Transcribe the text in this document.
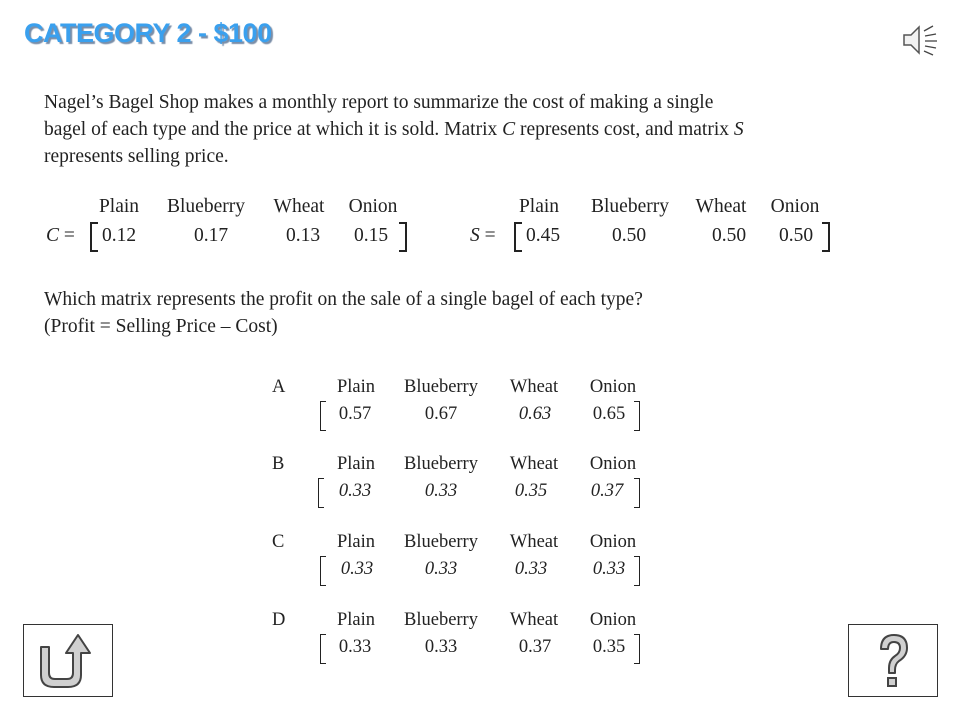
CATEGORY 2 - $100
Nagel’s Bagel Shop makes a monthly report to summarize the cost of making a single
bagel of each type and the price at which it is sold. Matrix C represents cost, and matrix S
represents selling price.
Plain	Blueberry	Wheat	Onion
C =	0.12	0.17	0.13	0.15
Plain	Blueberry	Wheat	Onion
S =	0.45	0.50	0.50	0.50
Which matrix represents the profit on the sale of a single bagel of each type?
(Profit = Selling Price – Cost)
A	Plain	Blueberry	Wheat	Onion
0.57	0.67	0.63	0.65
B	Plain	Blueberry	Wheat	Onion
0.33	0.33	0.35	0.37
C	Plain	Blueberry	Wheat	Onion
0.33	0.33	0.33	0.33
D	Plain	Blueberry	Wheat	Onion
0.33	0.33	0.37	0.35
